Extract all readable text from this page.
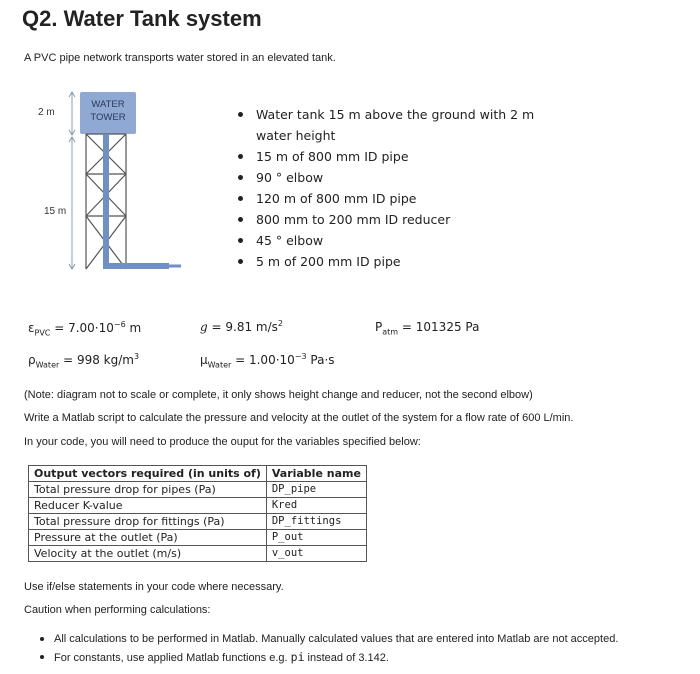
Q2. Water Tank system
A PVC pipe network transports water stored in an elevated tank.
2 m
15 m
WATER
TOWER	Water tank 15 m above the ground with 2 m water height
15 m of 800 mm ID pipe
90 ° elbow
120 m of 800 mm ID pipe
800 mm to 200 mm ID reducer
45 ° elbow
5 m of 200 mm ID pipe
$\varepsilon_{PVC} = 7.00\cdot 10^{-6}$ m	g = 9.81 $m/s^2$	$P_{atm} = 101325$ Pa
$\rho_{Water} = 998$ $kg/m^3$	$\mu_{Water} = 1.00\cdot 10^{-3}$ Pa·s
(Note: diagram not to scale or complete, it only shows height change and reducer, not the second elbow)
Write a Matlab script to calculate the pressure and velocity at the outlet of the system for a flow rate of 600 L/min.
In your code, you will need to produce the ouput for the variables specified below:
Output vectors required (in units of)	Variable name
Total pressure drop for pipes (Pa)	DP_pipe
Reducer K-value	Kred
Total pressure drop for fittings (Pa)	DP_fittings
Pressure at the outlet (Pa)	P_out
Velocity at the outlet (m/s)	v_out
Use if/else statements in your code where necessary.
Caution when performing calculations:
All calculations to be performed in Matlab. Manually calculated values that are entered into Matlab are not accepted.
For constants, use applied Matlab functions e.g. pi instead of 3.142.
